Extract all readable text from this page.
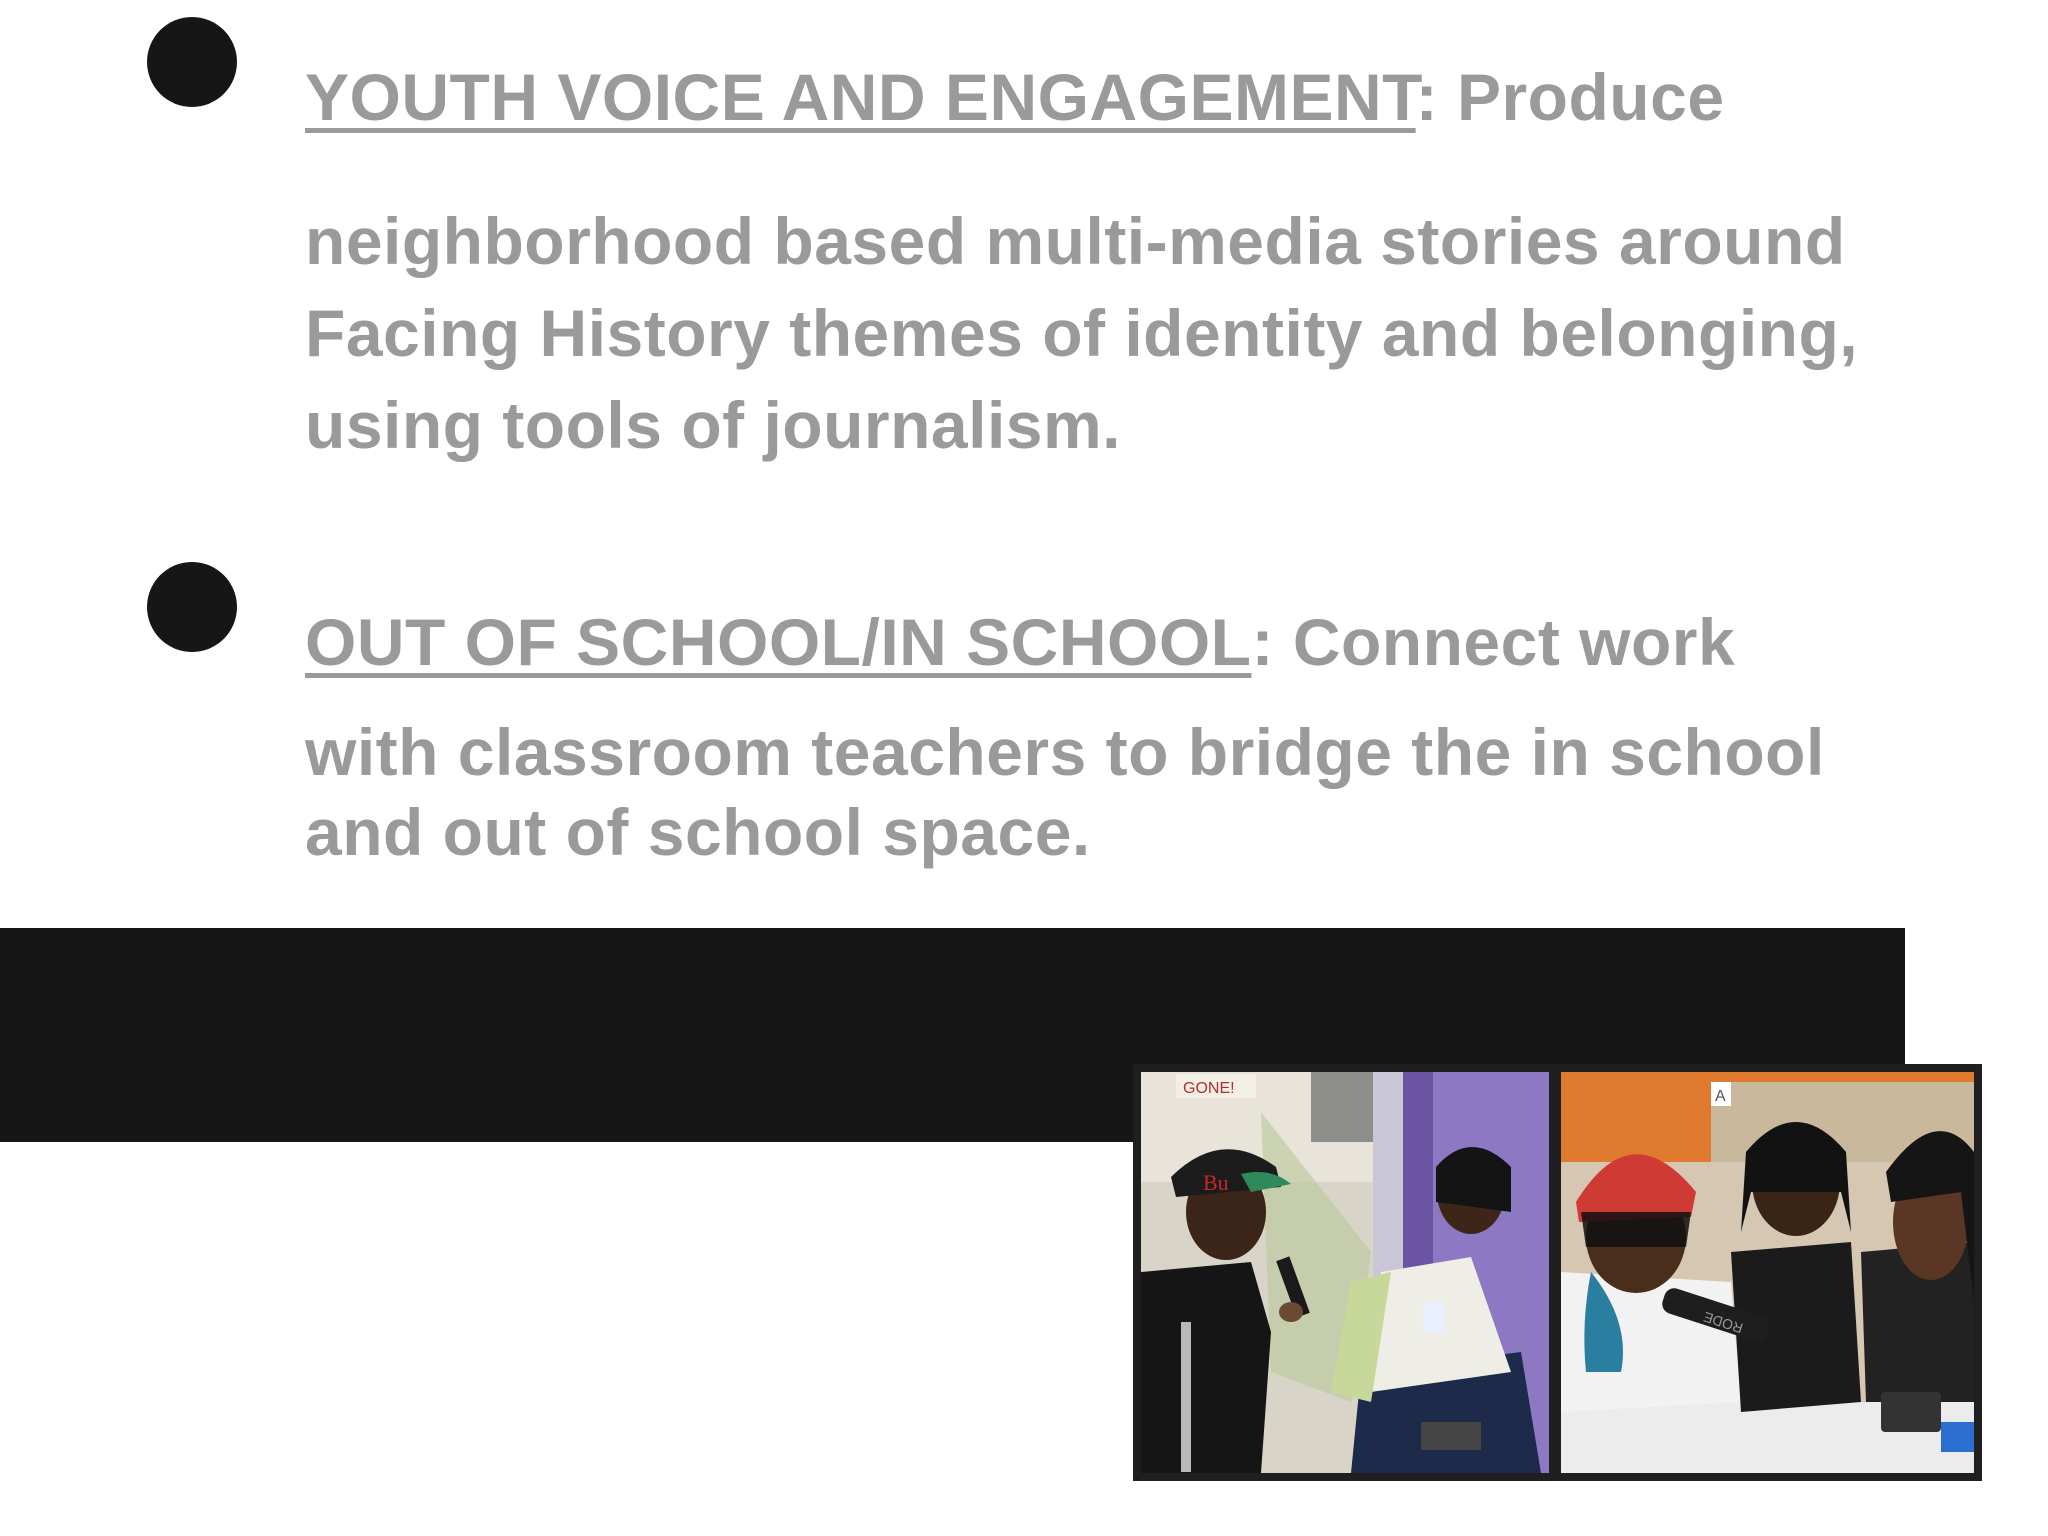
YOUTH VOICE AND ENGAGEMENT: Produce
neighborhood based multi-media stories around
Facing History themes of identity and belonging,
using tools of journalism.
OUT OF SCHOOL/IN SCHOOL: Connect work
with classroom teachers to bridge the in school
and out of school space.
GONE!
Bu
A
RODE
